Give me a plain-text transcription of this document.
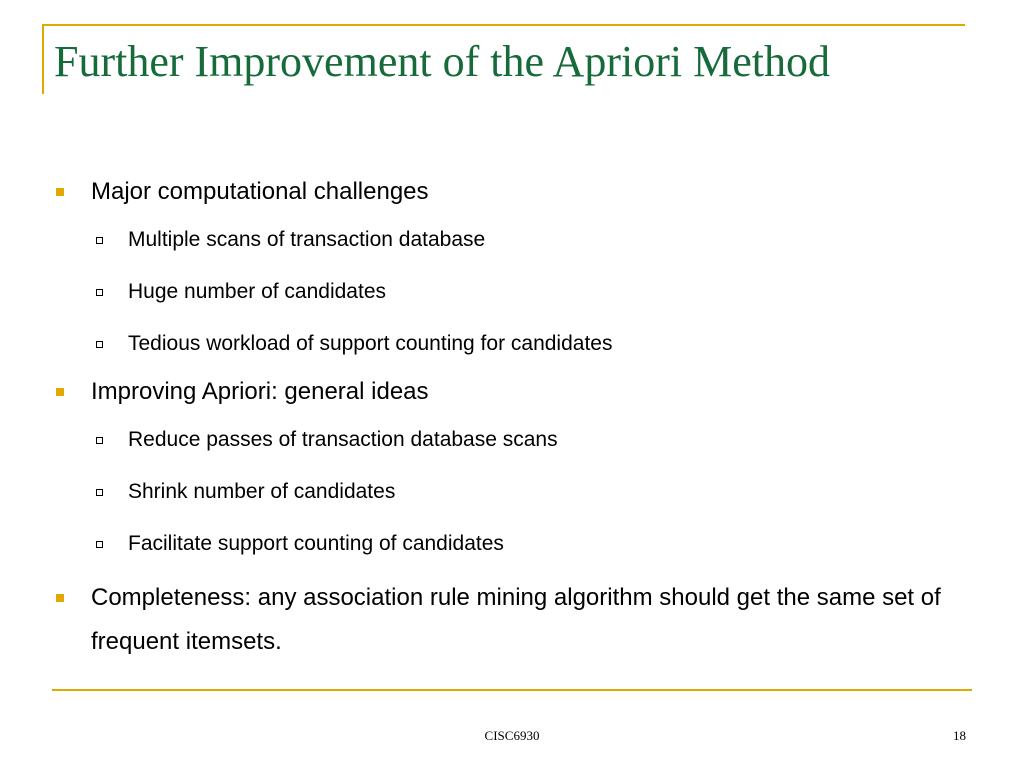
Further Improvement of the Apriori Method
Major computational challenges
Multiple scans of transaction database
Huge number of candidates
Tedious workload of support counting for candidates
Improving Apriori: general ideas
Reduce passes of transaction database scans
Shrink number of candidates
Facilitate support counting of candidates
Completeness: any association rule mining algorithm should get the same set of frequent itemsets.
CISC6930	18
